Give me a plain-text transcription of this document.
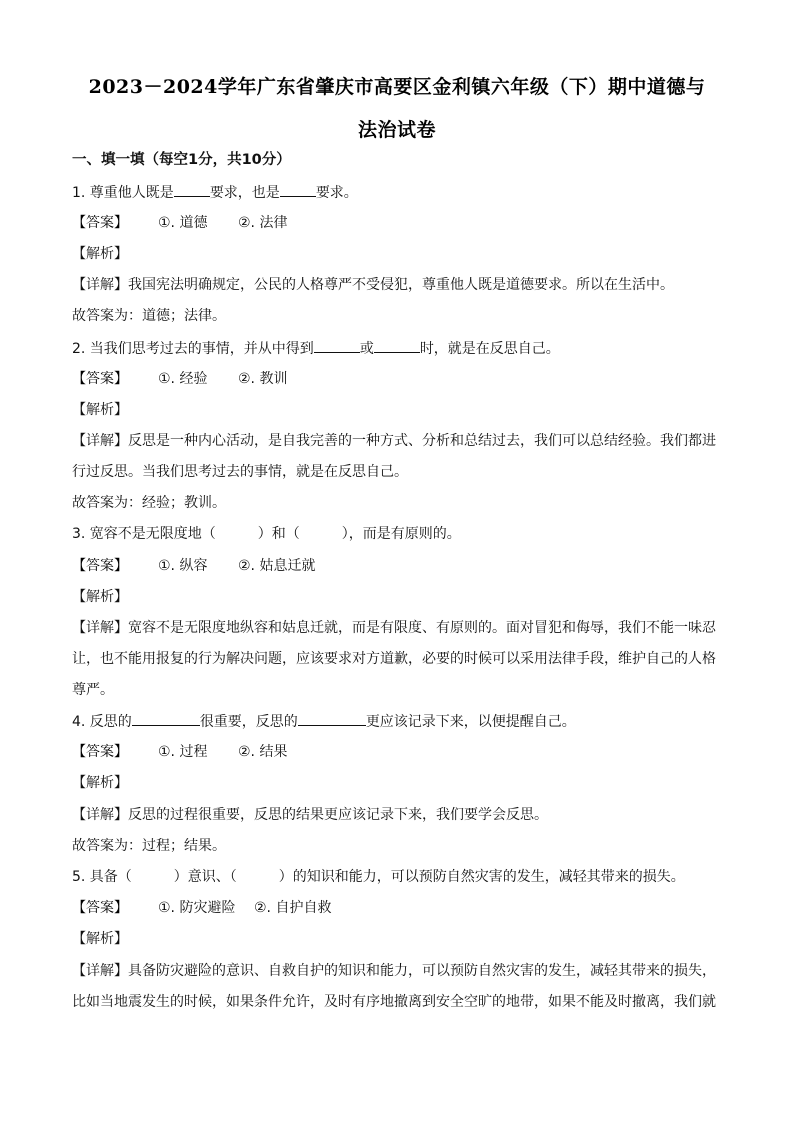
2023－2024学年广东省肇庆市高要区金利镇六年级（下）期中道德与
法治试卷
一、填一填（每空1分，共10分）
1. 尊重他人既是	要求，也是	要求。
【答案】 ①. 道德 ②. 法律
【解析】
【详解】我国宪法明确规定，公民的人格尊严不受侵犯，尊重他人既是道德要求。所以在生活中。
故答案为：道德；法律。
2. 当我们思考过去的事情，并从中得到	或	时，就是在反思自己。
【答案】 ①. 经验 ②. 教训
【解析】
【详解】反思是一种内心活动，是自我完善的一种方式、分析和总结过去，我们可以总结经验。我们都进
行过反思。当我们思考过去的事情，就是在反思自己。
故答案为：经验；教训。
3. 宽容不是无限度地（　　　）和（　　　），而是有原则的。
【答案】 ①. 纵容 ②. 姑息迁就
【解析】
【详解】宽容不是无限度地纵容和姑息迁就，而是有限度、有原则的。面对冒犯和侮辱，我们不能一味忍
让，也不能用报复的行为解决问题，应该要求对方道歉，必要的时候可以采用法律手段，维护自己的人格
尊严。
4. 反思的	很重要，反思的	更应该记录下来，以便提醒自己。
【答案】 ①. 过程 ②. 结果
【解析】
【详解】反思的过程很重要，反思的结果更应该记录下来，我们要学会反思。
故答案为：过程；结果。
5. 具备（　　　）意识、（　　　）的知识和能力，可以预防自然灾害的发生，减轻其带来的损失。
【答案】 ①. 防灾避险 ②. 自护自救
【解析】
【详解】具备防灾避险的意识、自救自护的知识和能力，可以预防自然灾害的发生，减轻其带来的损失，
比如当地震发生的时候，如果条件允许，及时有序地撤离到安全空旷的地带，如果不能及时撤离，我们就
